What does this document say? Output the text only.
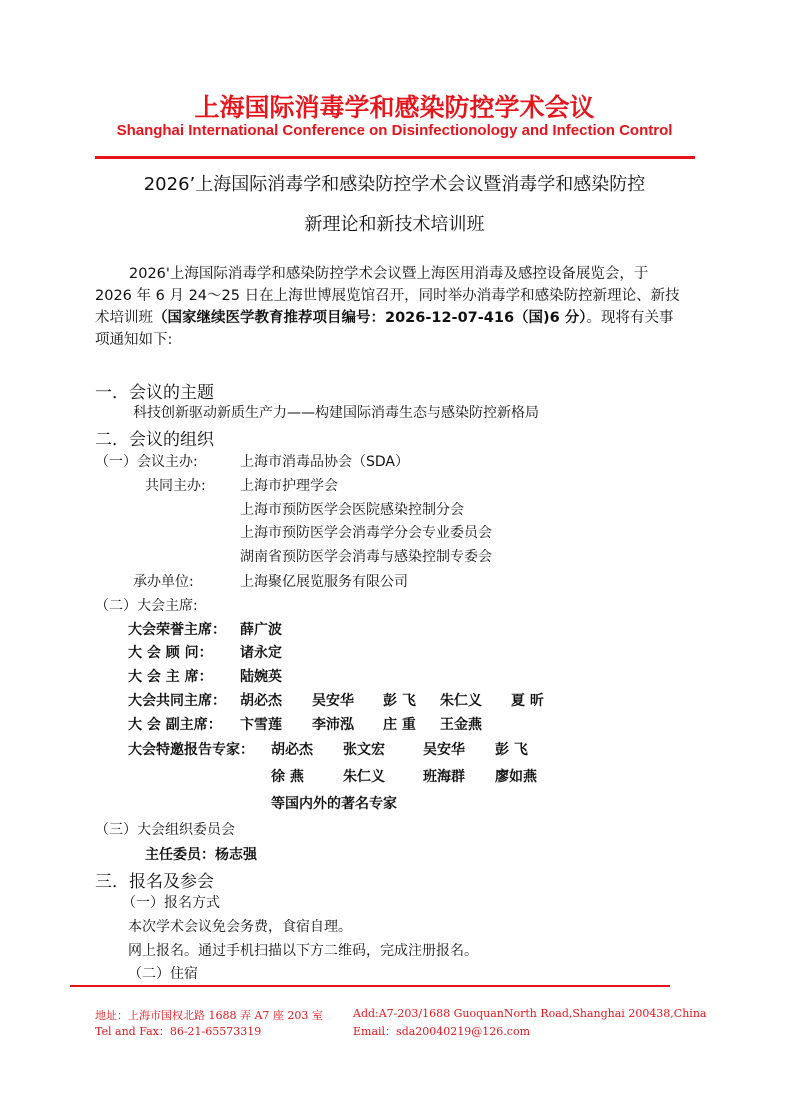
上海国际消毒学和感染防控学术会议
Shanghai International Conference on Disinfectionology and Infection Control
2026’上海国际消毒学和感染防控学术会议暨消毒学和感染防控
新理论和新技术培训班

2026'上海国际消毒学和感染防控学术会议暨上海医用消毒及感控设备展览会，于

2026 年 6 月 24～25 日在上海世博展览馆召开，同时举办消毒学和感染防控新理论、新技

术培训班（国家继续医学教育推荐项目编号：2026-12-07-416（国)6 分）。现将有关事

项通知如下:

一．会议的主题
科技创新驱动新质生产力——构建国际消毒生态与感染防控新格局
二．会议的组织
（一）会议主办:	上海市消毒品协会（SDA）
共同主办: 上海市护理学会
上海市预防医学会医院感染控制分会
上海市预防医学会消毒学分会专业委员会
湖南省预防医学会消毒与感染控制专委会
承办单位:	上海聚亿展览服务有限公司
（二）大会主席:
大会荣誉主席： 薛广波
大 会 顾 问： 诸永定
大 会 主 席： 陆婉英
大会共同主席： 胡必杰 吴安华 彭 飞 朱仁义 夏 昕
大 会 副主席： 卞雪莲 李沛泓 庄 重 王金燕
大会特邀报告专家： 胡必杰 张文宏	吴安华 彭 飞
徐 燕	朱仁义	班海群 廖如燕
等国内外的著名专家
（三）大会组织委员会
主任委员：杨志强
三．报名及参会
（一）报名方式
本次学术会议免会务费，食宿自理。
网上报名。通过手机扫描以下方二维码，完成注册报名。
（二）住宿
地址：上海市国权北路 1688 弄 A7 座 203 室	Add:A7-203/1688 GuoquanNorth Road,Shanghai 200438,China
Tel and Fax：86-21-65573319	Email：sda20040219@126.com
